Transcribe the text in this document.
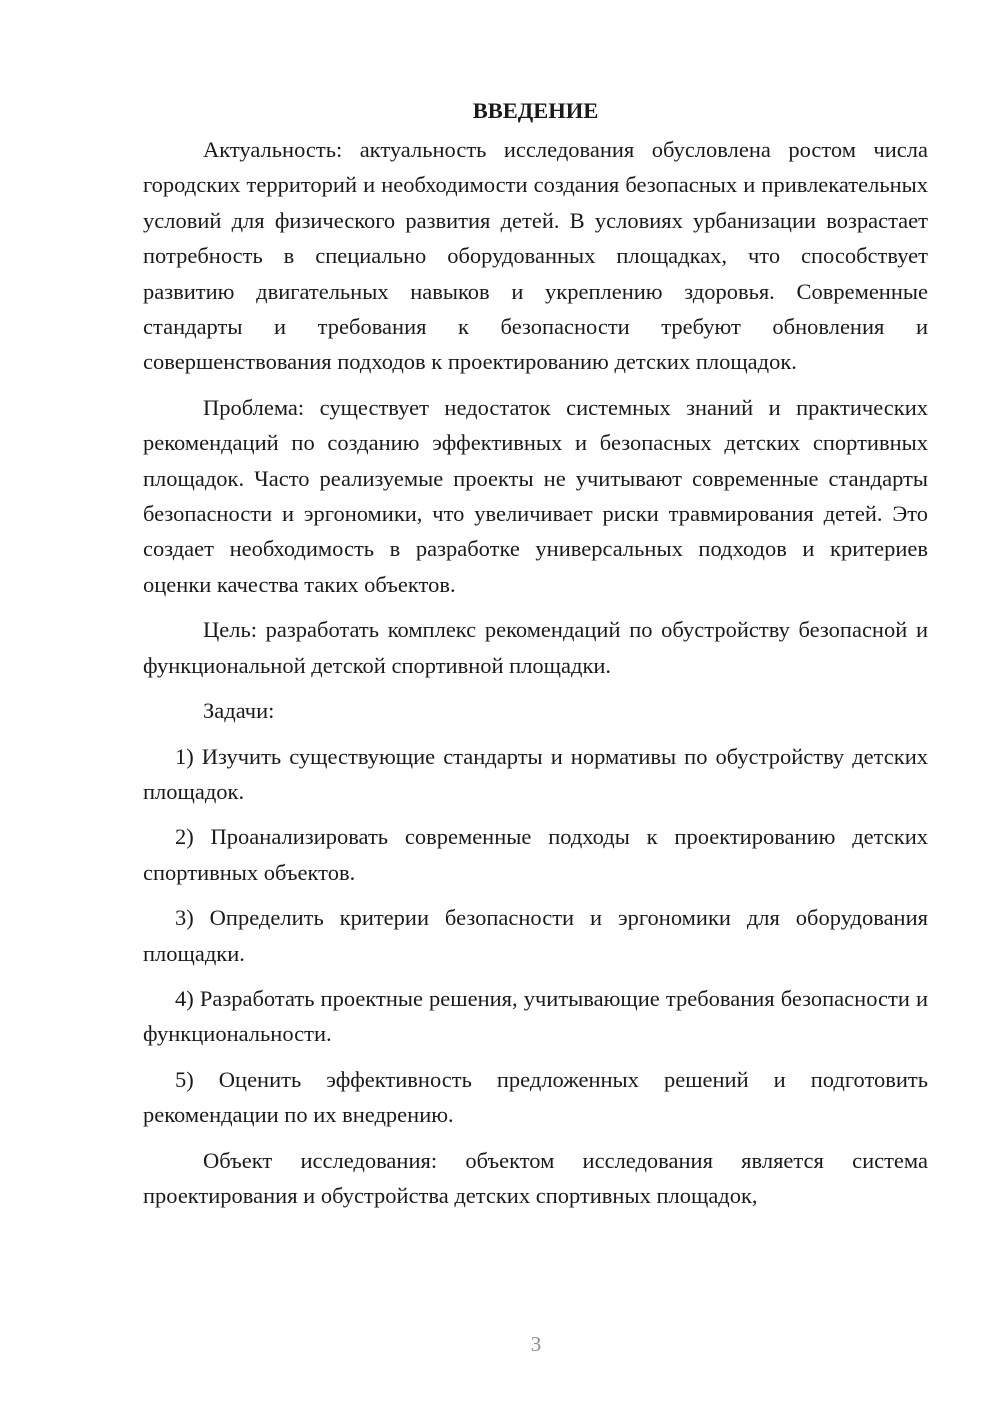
ВВЕДЕНИЕ

Актуальность: актуальность исследования обусловлена ростом числа городских территорий и необходимости создания безопасных и привлекательных условий для физического развития детей. В условиях урбанизации возрастает потребность в специально оборудованных площадках, что способствует развитию двигательных навыков и укреплению здоровья. Современные стандарты и требования к безопасности требуют обновления и совершенствования подходов к проектированию детских площадок.

Проблема: существует недостаток системных знаний и практических рекомендаций по созданию эффективных и безопасных детских спортивных площадок. Часто реализуемые проекты не учитывают современные стандарты безопасности и эргономики, что увеличивает риски травмирования детей. Это создает необходимость в разработке универсальных подходов и критериев оценки качества таких объектов.

Цель: разработать комплекс рекомендаций по обустройству безопасной и функциональной детской спортивной площадки.

Задачи:

1) Изучить существующие стандарты и нормативы по обустройству детских площадок.

2) Проанализировать современные подходы к проектированию детских спортивных объектов.

3) Определить критерии безопасности и эргономики для оборудования площадки.

4) Разработать проектные решения, учитывающие требования безопасности и функциональности.

5) Оценить эффективность предложенных решений и подготовить рекомендации по их внедрению.

Объект исследования: объектом исследования является система проектирования и обустройства детских спортивных площадок,

3
